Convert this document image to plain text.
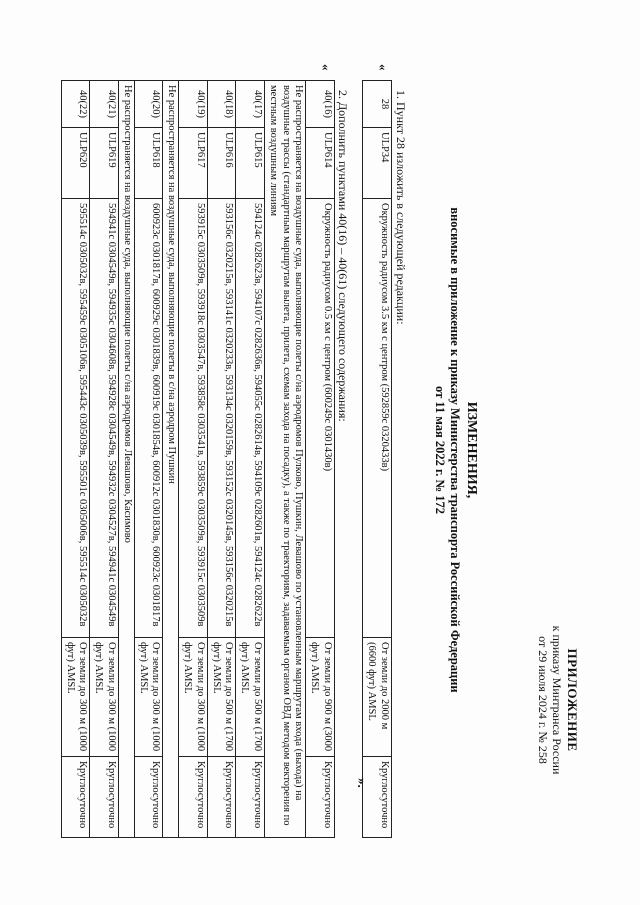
ПРИЛОЖЕНИЕ
к приказу Минтранса России
от 29 июля 2024 г. № 258
ИЗМЕНЕНИЯ,
вносимые в приложение к приказу Министерства транспорта Российской Федерации
от 11 мая 2022 г. № 172
1. Пункт 28 изложить в следующей редакции:
«
28	ULP34	Окружность радиусом 3.5 км с центром (592859с 0320433в)	От земли до 2000 м (6600 фут) AMSL	Круглосуточно
».
2. Дополнить пунктами 40(16) – 40(61) следующего содержания:
«
40(16)	ULP614	Окружность радиусом 0.5 км с центром (600249с 0301430в)	От земли до 900 м (3000 фут) AMSL	Круглосуточно
Не распространяется на воздушные суда, выполняющие полеты с/на аэродромов Пулково, Пушкин, Левашово по установленным маршрутам входа (выхода) на воздушные трассы (стандартным маршрутам вылета, прилета, схемам захода на посадку), а также по траекториям, задаваемым органом ОВД методом векторения по местным воздушным линиям				
40(17)	ULP615	594124с 0282623в, 594107с 0282636в, 594055с 0282614в, 594109с 0282601в, 594124с 0282622в	От земли до 500 м (1700 фут) AMSL	Круглосуточно
40(18)	ULP616	593156с 0320215в, 593141с 0320233в, 593134с 0320159в, 593152с 0320145в, 593156с 0320215в	От земли до 500 м (1700 фут) AMSL	Круглосуточно
40(19)	ULP617	593915с 0303509в, 593918с 0303547в, 593858с 0303541в, 593859с 0303509в, 593915с 0303509в	От земли до 300 м (1000 фут) AMSL	Круглосуточно
Не распространяется на воздушные суда, выполняющие полеты в с/на аэродром Пушкин				
40(20)	ULP618	600923с 0301817в, 600929с 0301839в, 600919с 0301854в, 600912с 0301830в, 600923с 0301817в	От земли до 300 м (1000 фут) AMSL	Круглосуточно
Не распространяется на воздушные суда, выполняющие полеты с/на аэродромов Левашово, Касимово				
40(21)	ULP619	594941с 0304549в, 594935с 0304608в, 594928с 0304549в, 594932с 0304527в, 594941с 0304549в	От земли до 300 м (1000 фут) AMSL	Круглосуточно
40(22)	ULP620	595514с 0305032в, 595459с 0305106в, 595443с 0305039в, 595501с 0305006в, 595514с 0305032в	От земли до 300 м (1000 фут) AMSL	Круглосуточно
